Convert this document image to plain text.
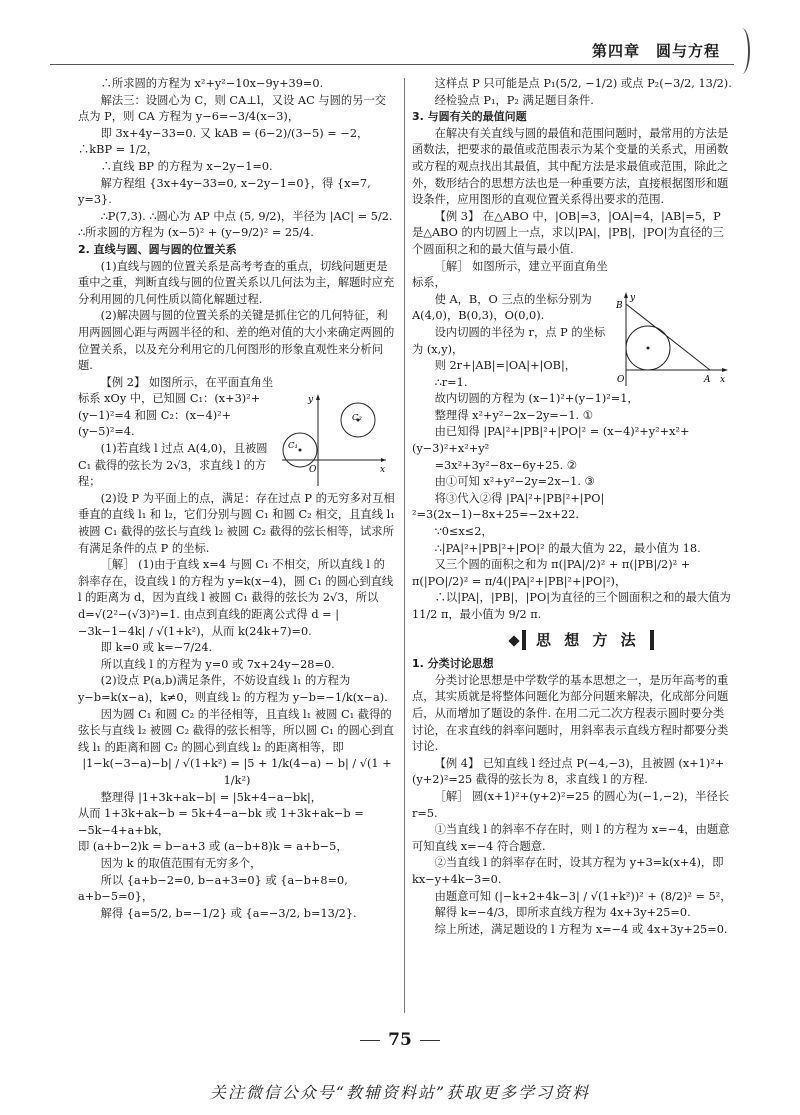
第四章　圆与方程

∴所求圆的方程为 x²+y²−10x−9y+39=0.

解法三：设圆心为 C，则 CA⊥l，又设 AC 与圆的另一交点为 P，则 CA 方程为 y−6=−3/4(x−3)，

即 3x+4y−33=0. 又 kAB = (6−2)/(3−5) = −2，∴kBP = 1/2，

∴直线 BP 的方程为 x−2y−1=0.

解方程组 {3x+4y−33=0, x−2y−1=0}，得 {x=7, y=3}.

∴P(7,3). ∴圆心为 AP 中点 (5, 9/2)，半径为 |AC| = 5/2. ∴所求圆的方程为 (x−5)² + (y−9/2)² = 25/4.

2. 直线与圆、圆与圆的位置关系

(1)直线与圆的位置关系是高考考查的重点，切线问题更是重中之重，判断直线与圆的位置关系以几何法为主，解题时应充分利用圆的几何性质以简化解题过程.

(2)解决圆与圆的位置关系的关键是抓住它的几何特征，利用两圆圆心距与两圆半径的和、差的绝对值的大小来确定两圆的位置关系，以及充分利用它的几何图形的形象直观性来分析问题.

【例 2】 如图所示，在平面直角坐标系 xOy 中，已知圆 C₁：(x+3)²+(y−1)²=4 和圆 C₂：(x−4)²+(y−5)²=4.

(1)若直线 l 过点 A(4,0)，且被圆 C₁ 截得的弦长为 2√3，求直线 l 的方程；

(2)设 P 为平面上的点，满足：存在过点 P 的无穷多对互相垂直的直线 l₁ 和 l₂，它们分别与圆 C₁ 和圆 C₂ 相交，且直线 l₁ 被圆 C₁ 截得的弦长与直线 l₂ 被圆 C₂ 截得的弦长相等，试求所有满足条件的点 P 的坐标.

［解］ (1)由于直线 x=4 与圆 C₁ 不相交，所以直线 l 的斜率存在，设直线 l 的方程为 y=k(x−4)，圆 C₁ 的圆心到直线 l 的距离为 d，因为直线 l 被圆 C₁ 截得的弦长为 2√3，所以 d=√(2²−(√3)²)=1. 由点到直线的距离公式得 d = |−3k−1−4k| / √(1+k²)，从而 k(24k+7)=0.

即 k=0 或 k=−7/24.

所以直线 l 的方程为 y=0 或 7x+24y−28=0.

(2)设点 P(a,b)满足条件，不妨设直线 l₁ 的方程为 y−b=k(x−a)，k≠0，则直线 l₂ 的方程为 y−b=−1/k(x−a).

因为圆 C₁ 和圆 C₂ 的半径相等，且直线 l₁ 被圆 C₁ 截得的弦长与直线 l₂ 被圆 C₂ 截得的弦长相等，所以圆 C₁ 的圆心到直线 l₁ 的距离和圆 C₂ 的圆心到直线 l₂ 的距离相等，即

|1−k(−3−a)−b| / √(1+k²) = |5 + 1/k(4−a) − b| / √(1 + 1/k²)

整理得 |1+3k+ak−b| = |5k+4−a−bk|，

从而 1+3k+ak−b = 5k+4−a−bk 或 1+3k+ak−b = −5k−4+a+bk，

即 (a+b−2)k = b−a+3 或 (a−b+8)k = a+b−5，

因为 k 的取值范围有无穷多个，

所以 {a+b−2=0, b−a+3=0} 或 {a−b+8=0, a+b−5=0}，

解得 {a=5/2, b=−1/2} 或 {a=−3/2, b=13/2}.

y
x
O
C₁
C₂

这样点 P 只可能是点 P₁(5/2, −1/2) 或点 P₂(−3/2, 13/2).

经检验点 P₁，P₂ 满足题目条件.

3. 与圆有关的最值问题

在解决有关直线与圆的最值和范围问题时，最常用的方法是函数法，把要求的最值或范围表示为某个变量的关系式，用函数或方程的观点找出其最值，其中配方法是求最值或范围，除此之外，数形结合的思想方法也是一种重要方法，直接根据图形和题设条件，应用图形的直观位置关系得出要求的范围.

【例 3】 在△ABO 中，|OB|=3，|OA|=4，|AB|=5，P 是△ABO 的内切圆上一点，求以|PA|，|PB|，|PO|为直径的三个圆面积之和的最大值与最小值.

［解］ 如图所示，建立平面直角坐标系，

使 A，B，O 三点的坐标分别为 A(4,0)，B(0,3)，O(0,0).

设内切圆的半径为 r，点 P 的坐标为 (x,y)，

则 2r+|AB|=|OA|+|OB|，

∴r=1.

故内切圆的方程为 (x−1)²+(y−1)²=1，

整理得 x²+y²−2x−2y=−1. ①

由已知得 |PA|²+|PB|²+|PO|² = (x−4)²+y²+x²+(y−3)²+x²+y²

=3x²+3y²−8x−6y+25. ②

由①可知 x²+y²−2y=2x−1. ③

将③代入②得 |PA|²+|PB|²+|PO|²=3(2x−1)−8x+25=−2x+22.

∵0≤x≤2，

∴|PA|²+|PB|²+|PO|² 的最大值为 22，最小值为 18.

又三个圆的面积之和为 π(|PA|/2)² + π(|PB|/2)² + π(|PO|/2)² = π/4(|PA|²+|PB|²+|PO|²)，

∴以|PA|，|PB|，|PO|为直径的三个圆面积之和的最大值为 11/2 π，最小值为 9/2 π.

思 想 方 法

1. 分类讨论思想

分类讨论思想是中学数学的基本思想之一，是历年高考的重点，其实质就是将整体问题化为部分问题来解决，化成部分问题后，从而增加了题设的条件. 在用二元二次方程表示圆时要分类讨论，在求直线的斜率问题时，用斜率表示直线方程时都要分类讨论.

【例 4】 已知直线 l 经过点 P(−4,−3)，且被圆 (x+1)²+(y+2)²=25 截得的弦长为 8，求直线 l 的方程.

［解］ 圆(x+1)²+(y+2)²=25 的圆心为(−1,−2)，半径长 r=5.

①当直线 l 的斜率不存在时，则 l 的方程为 x=−4，由题意可知直线 x=−4 符合题意.

②当直线 l 的斜率存在时，设其方程为 y+3=k(x+4)，即 kx−y+4k−3=0.

由题意可知 (|−k+2+4k−3| / √(1+k²))² + (8/2)² = 5²，

解得 k=−4/3，即所求直线方程为 4x+3y+25=0.

综上所述，满足题设的 l 方程为 x=−4 或 4x+3y+25=0.

B
A
O	x
y
75
关注微信公众号“教辅资料站”获取更多学习资料
